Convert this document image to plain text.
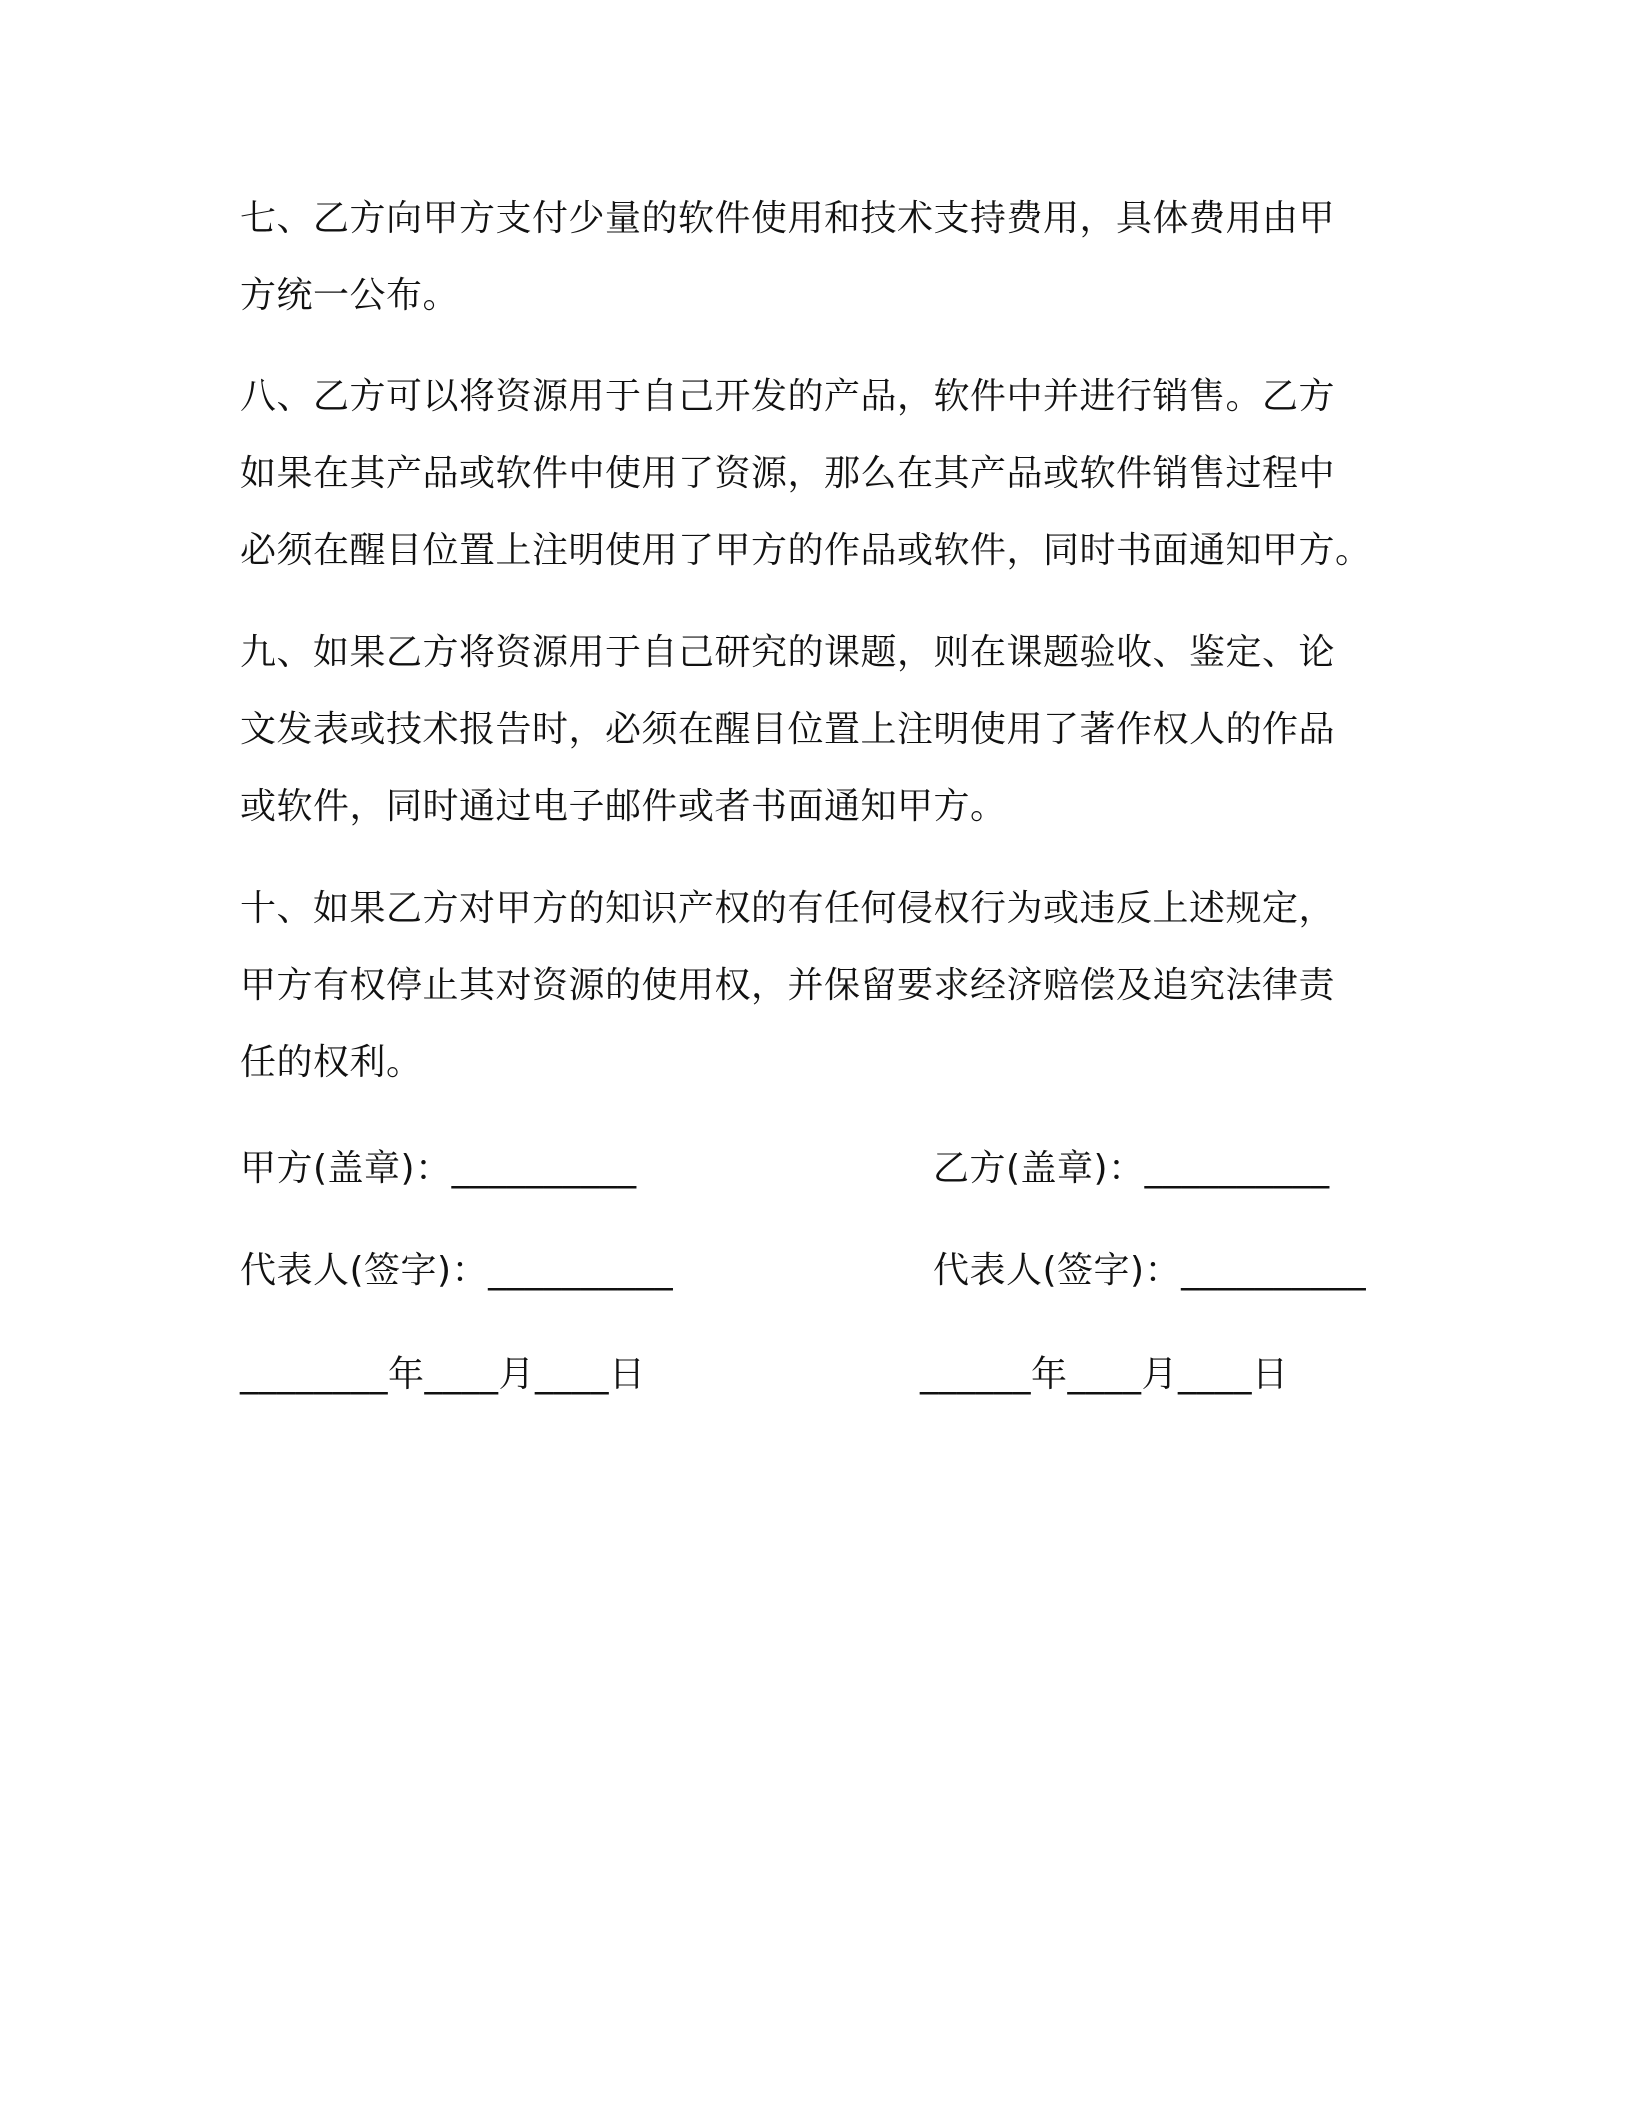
七、乙方向甲方支付少量的软件使用和技术支持费用，具体费用由甲
方统一公布。
八、乙方可以将资源用于自己开发的产品，软件中并进行销售。乙方
如果在其产品或软件中使用了资源，那么在其产品或软件销售过程中
必须在醒目位置上注明使用了甲方的作品或软件，同时书面通知甲方。
九、如果乙方将资源用于自己研究的课题，则在课题验收、鉴定、论
文发表或技术报告时，必须在醒目位置上注明使用了著作权人的作品
或软件，同时通过电子邮件或者书面通知甲方。
十、如果乙方对甲方的知识产权的有任何侵权行为或违反上述规定，
甲方有权停止其对资源的使用权，并保留要求经济赔偿及追究法律责
任的权利。
甲方(盖章)：__________	乙方(盖章)：__________
代表人(签字)：__________	代表人(签字)：__________
________年____月____日	______年____月____日
